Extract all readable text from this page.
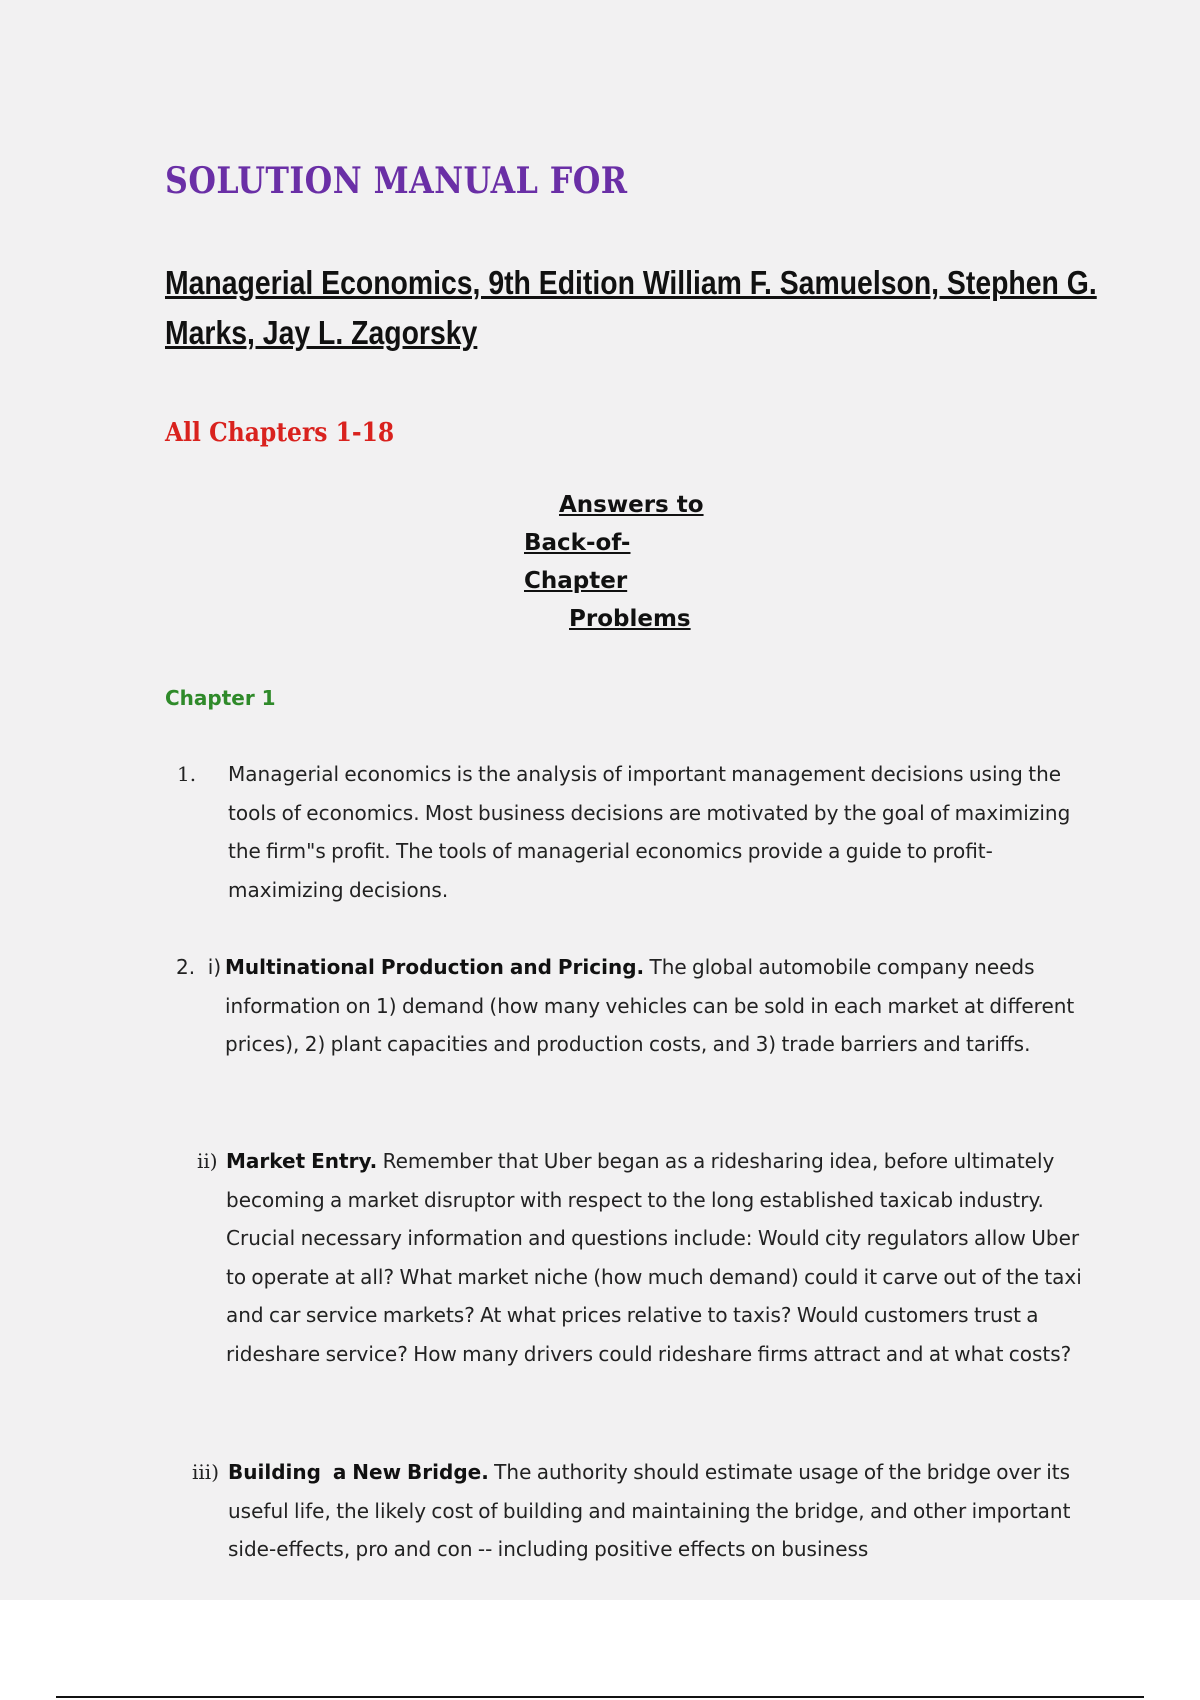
SOLUTION MANUAL FOR
Managerial Economics, 9th Edition William F. Samuelson, Stephen G. Marks, Jay L. Zagorsky

All Chapters 1-18

Answers to

Back-of-

Chapter

Problems

Chapter 1

1. Managerial economics is the analysis of important management decisions using the tools of economics. Most business decisions are motivated by the goal of maximizing the firm"s profit. The tools of managerial economics provide a guide to profit- maximizing decisions.

2.  i) Multinational Production and Pricing. The global automobile company needs information on 1) demand (how many vehicles can be sold in each market at different prices), 2) plant capacities and production costs, and 3) trade barriers and tariffs.

ii) Market Entry. Remember that Uber began as a ridesharing idea, before ultimately becoming a market disruptor with respect to the long established taxicab industry. Crucial necessary information and questions include: Would city regulators allow Uber to operate at all? What market niche (how much demand) could it carve out of the taxi and car service markets? At what prices relative to taxis? Would customers trust a rideshare service? How many drivers could rideshare firms attract and at what costs?

iii) Building  a New Bridge. The authority should estimate usage of the bridge over its useful life, the likely cost of building and maintaining the bridge, and other important side-effects, pro and con -- including positive effects on business
